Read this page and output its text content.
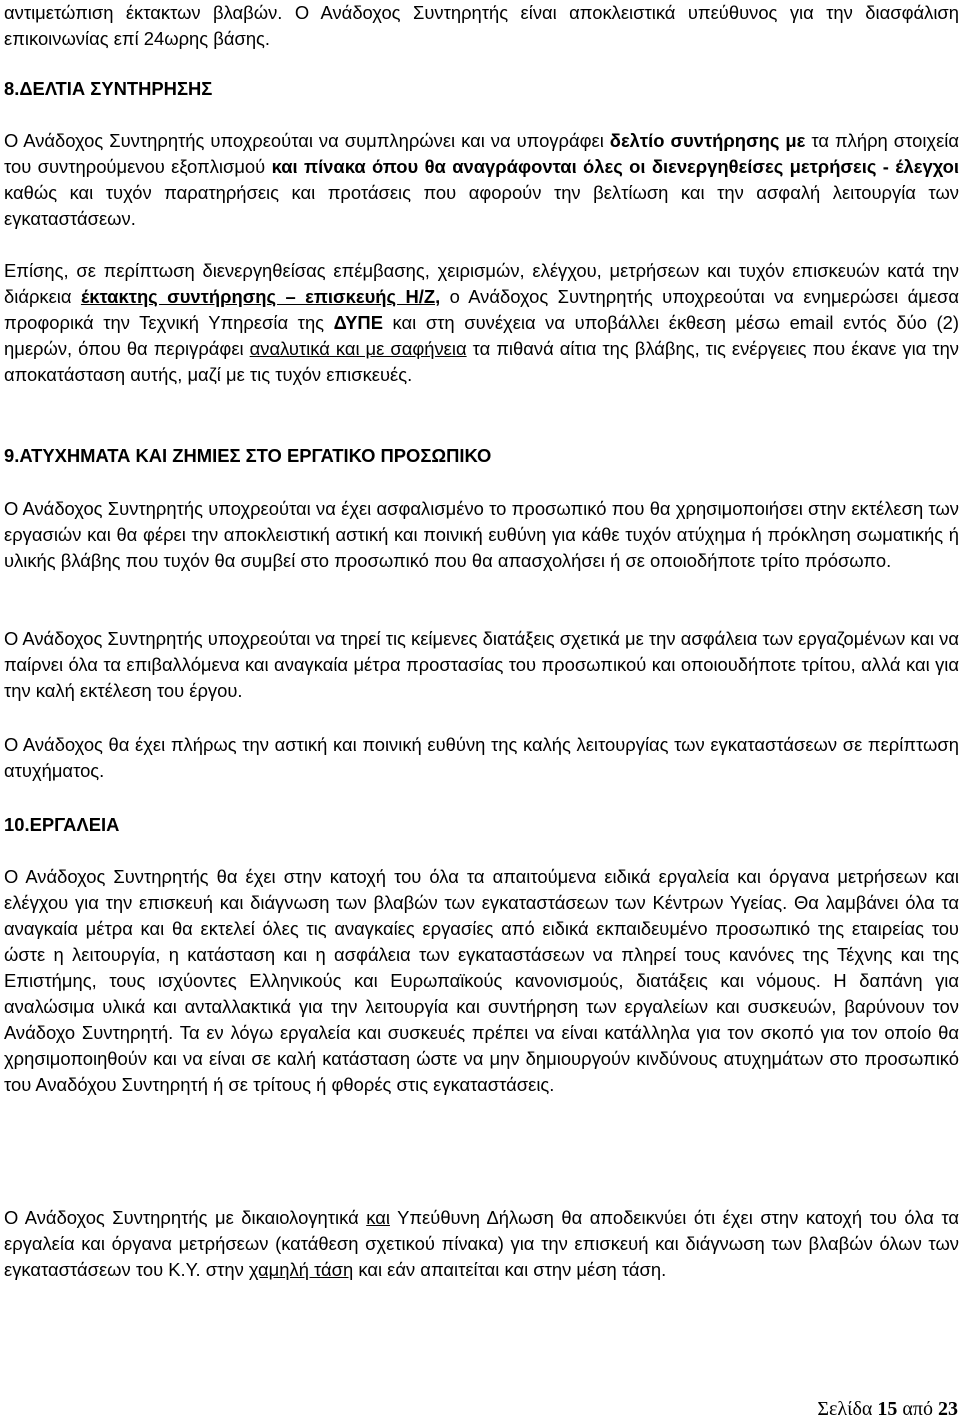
αντιμετώπιση έκτακτων βλαβών. Ο Ανάδοχος Συντηρητής είναι αποκλειστικά υπεύθυνος για την διασφάλιση επικοινωνίας επί 24ωρης βάσης.

8.ΔΕΛΤΙΑ ΣΥΝΤΗΡΗΣΗΣ

Ο Ανάδοχος Συντηρητής υποχρεούται να συμπληρώνει και να υπογράφει δελτίο συντήρησης με τα πλήρη στοιχεία του συντηρούμενου εξοπλισμού και πίνακα όπου θα αναγράφονται όλες οι διενεργηθείσες μετρήσεις - έλεγχοι καθώς και τυχόν παρατηρήσεις και προτάσεις που αφορούν την βελτίωση και την ασφαλή λειτουργία των εγκαταστάσεων.

Επίσης, σε περίπτωση διενεργηθείσας επέμβασης, χειρισμών, ελέγχου, μετρήσεων και τυχόν επισκευών κατά την διάρκεια έκτακτης συντήρησης – επισκευής Η/Ζ, ο Ανάδοχος Συντηρητής υποχρεούται να ενημερώσει άμεσα προφορικά την Τεχνική Υπηρεσία της ΔΥΠΕ και στη συνέχεια να υποβάλλει έκθεση μέσω email εντός δύο (2) ημερών, όπου θα περιγράφει αναλυτικά και με σαφήνεια τα πιθανά αίτια της βλάβης, τις ενέργειες που έκανε για την αποκατάσταση αυτής, μαζί με τις τυχόν επισκευές.

9.ΑΤΥΧΗΜΑΤΑ ΚΑΙ ΖΗΜΙΕΣ ΣΤΟ ΕΡΓΑΤΙΚΟ ΠΡΟΣΩΠΙΚΟ

Ο Ανάδοχος Συντηρητής υποχρεούται να έχει ασφαλισμένο το προσωπικό που θα χρησιμοποιήσει στην εκτέλεση των εργασιών και θα φέρει την αποκλειστική αστική και ποινική ευθύνη για κάθε τυχόν ατύχημα ή πρόκληση σωματικής ή υλικής βλάβης που τυχόν θα συμβεί στο προσωπικό που θα απασχολήσει ή σε οποιοδήποτε τρίτο πρόσωπο.

Ο Ανάδοχος Συντηρητής υποχρεούται να τηρεί τις κείμενες διατάξεις σχετικά με την ασφάλεια των εργαζομένων και να παίρνει όλα τα επιβαλλόμενα και αναγκαία μέτρα προστασίας του προσωπικού και οποιουδήποτε τρίτου, αλλά και για την καλή εκτέλεση του έργου.

Ο Ανάδοχος θα έχει πλήρως την αστική και ποινική ευθύνη της καλής λειτουργίας των εγκαταστάσεων σε περίπτωση ατυχήματος.

10.ΕΡΓΑΛΕΙΑ

Ο Ανάδοχος Συντηρητής θα έχει στην κατοχή του όλα τα απαιτούμενα ειδικά εργαλεία και όργανα μετρήσεων και ελέγχου για την επισκευή και διάγνωση των βλαβών των εγκαταστάσεων των Κέντρων Υγείας. Θα λαμβάνει όλα τα αναγκαία μέτρα και θα εκτελεί όλες τις αναγκαίες εργασίες από ειδικά εκπαιδευμένο προσωπικό της εταιρείας του ώστε η λειτουργία, η κατάσταση και η ασφάλεια των εγκαταστάσεων να πληρεί τους κανόνες της Τέχνης και της Επιστήμης, τους ισχύοντες Ελληνικούς και Ευρωπαϊκούς κανονισμούς, διατάξεις και νόμους. Η δαπάνη για αναλώσιμα υλικά και ανταλλακτικά για την λειτουργία και συντήρηση των εργαλείων και συσκευών, βαρύνουν τον Ανάδοχο Συντηρητή. Τα εν λόγω εργαλεία και συσκευές πρέπει να είναι κατάλληλα για τον σκοπό για τον οποίο θα χρησιμοποιηθούν και να είναι σε καλή κατάσταση ώστε να μην δημιουργούν κινδύνους ατυχημάτων στο προσωπικό του Αναδόχου Συντηρητή ή σε τρίτους ή φθορές στις εγκαταστάσεις.

Ο Ανάδοχος Συντηρητής με δικαιολογητικά και Υπεύθυνη Δήλωση θα αποδεικνύει ότι έχει στην κατοχή του όλα τα εργαλεία και όργανα μετρήσεων (κατάθεση σχετικού πίνακα) για την επισκευή και διάγνωση των βλαβών όλων των εγκαταστάσεων του Κ.Υ. στην χαμηλή τάση και εάν απαιτείται και στην μέση τάση.

Σελίδα 15 από 23
